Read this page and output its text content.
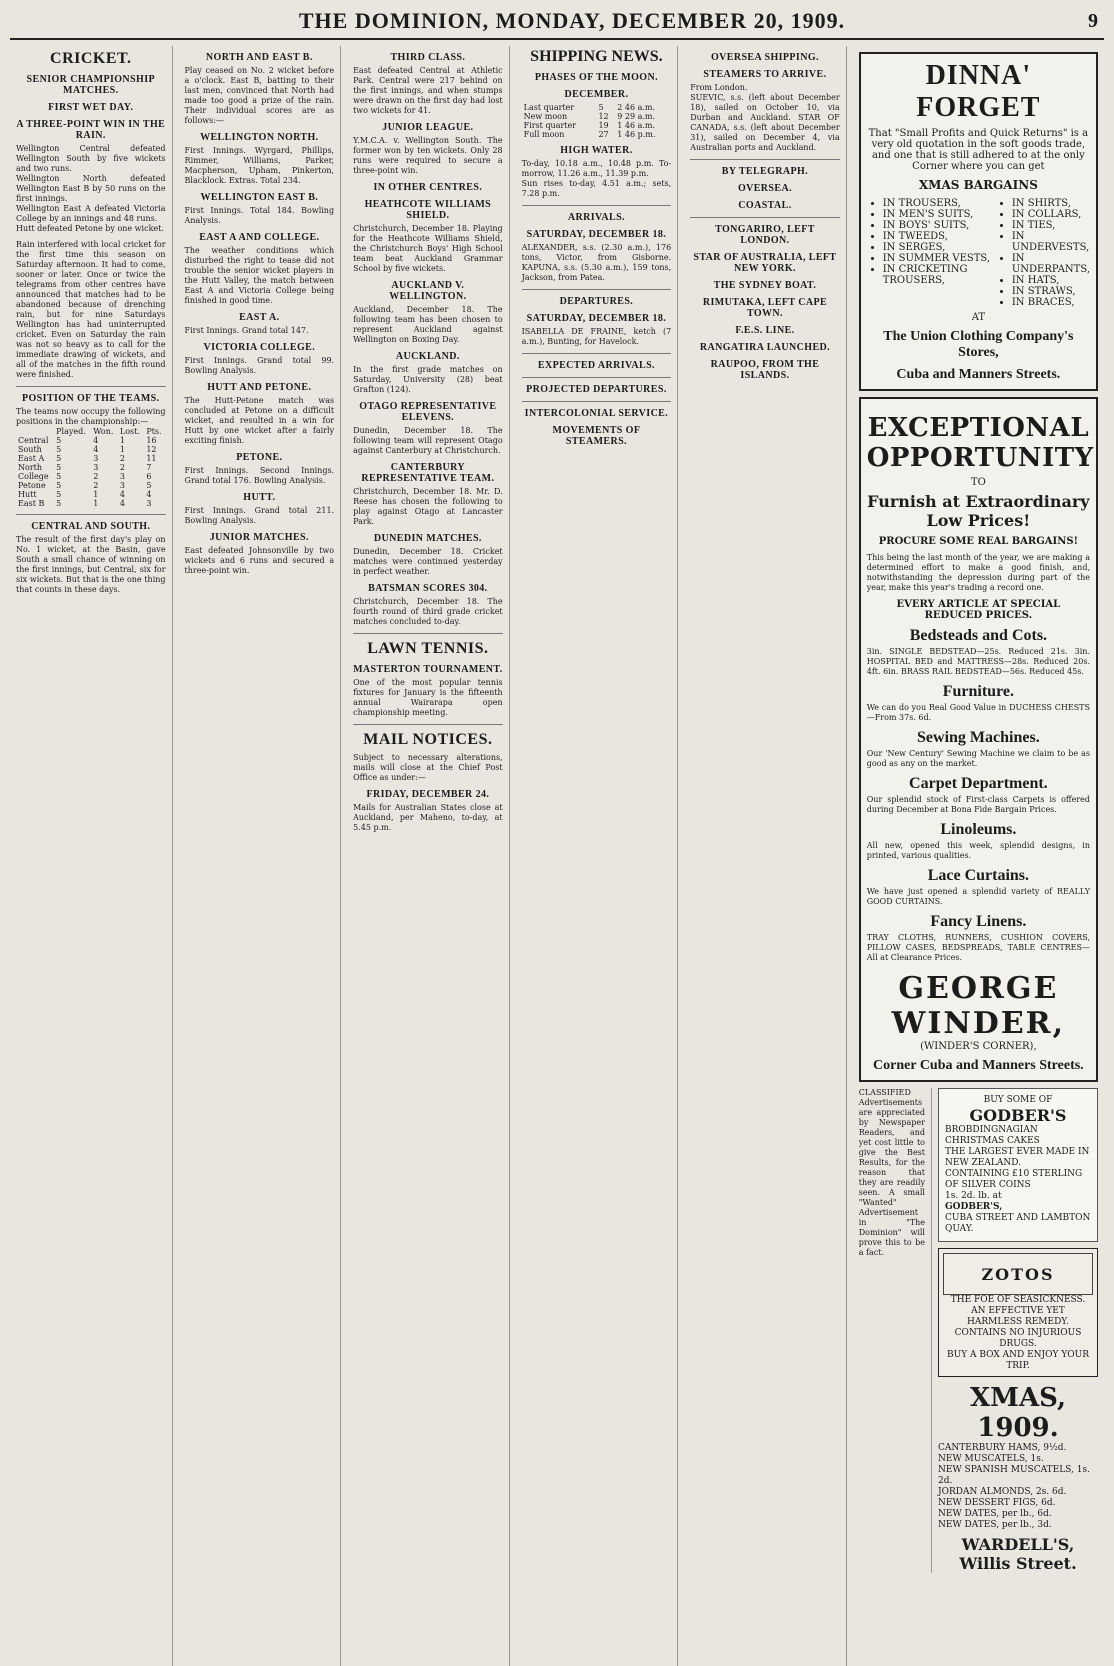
THE DOMINION, MONDAY, DECEMBER 20, 1909.	9
CRICKET.
SENIOR CHAMPIONSHIP MATCHES.
FIRST WET DAY.
A THREE-POINT WIN IN THE RAIN.
Wellington Central defeated Wellington South by five wickets and two runs.
Wellington North defeated Wellington East B by 50 runs on the first innings.
Wellington East A defeated Victoria College by an innings and 48 runs.
Hutt defeated Petone by one wicket.
Rain interfered with local cricket for the first time this season on Saturday afternoon. It had to come, sooner or later. Once or twice the telegrams from other centres have announced that matches had to be abandoned because of drenching rain, but for nine Saturdays Wellington has had uninterrupted cricket. Even on Saturday the rain was not so heavy as to call for the immediate drawing of wickets, and all of the matches in the fifth round were finished.
POSITION OF THE TEAMS.
The teams now occupy the following positions in the championship:—
	Played.	Won.	Lost.	Pts.
Central	5	4	1	16
South	5	4	1	12
East A	5	3	2	11
North	5	3	2	7
College	5	2	3	6
Petone	5	2	3	5
Hutt	5	1	4	4
East B	5	1	4	3
CENTRAL AND SOUTH.
The result of the first day's play on No. 1 wicket, at the Basin, gave South a small chance of winning on the first innings, but Central, six for six wickets. But that is the one thing that counts in these days.
NORTH AND EAST B.
Play ceased on No. 2 wicket before a o'clock. East B, batting to their last men, convinced that North had made too good a prize of the rain. Their individual scores are as follows:—
WELLINGTON NORTH.
First Innings. Wyrgard, Phillips, Rimmer, Williams, Parker, Macpherson, Upham, Pinkerton, Blacklock. Extras. Total 234.
WELLINGTON EAST B.
First Innings. Total 184. Bowling Analysis.
EAST A AND COLLEGE.
The weather conditions which disturbed the right to tease did not trouble the senior wicket players in the Hutt Valley, the match between East A and Victoria College being finished in good time.
EAST A.
First Innings. Grand total 147.
VICTORIA COLLEGE.
First Innings. Grand total 99. Bowling Analysis.
HUTT AND PETONE.
The Hutt-Petone match was concluded at Petone on a difficult wicket, and resulted in a win for Hutt by one wicket after a fairly exciting finish.
PETONE.
First Innings. Second Innings. Grand total 176. Bowling Analysis.
HUTT.
First Innings. Grand total 211. Bowling Analysis.
JUNIOR MATCHES.
East defeated Johnsonville by two wickets and 6 runs and secured a three-point win.
THIRD CLASS.
East defeated Central at Athletic Park. Central were 217 behind on the first innings, and when stumps were drawn on the first day had lost two wickets for 41.
JUNIOR LEAGUE.
Y.M.C.A. v. Wellington South. The former won by ten wickets. Only 28 runs were required to secure a three-point win.
IN OTHER CENTRES.
HEATHCOTE WILLIAMS SHIELD.
Christchurch, December 18. Playing for the Heathcote Williams Shield, the Christchurch Boys' High School team beat Auckland Grammar School by five wickets.
AUCKLAND V. WELLINGTON.
Auckland, December 18. The following team has been chosen to represent Auckland against Wellington on Boxing Day.
AUCKLAND.
In the first grade matches on Saturday, University (28) beat Grafton (124).
OTAGO REPRESENTATIVE ELEVENS.
Dunedin, December 18. The following team will represent Otago against Canterbury at Christchurch.
CANTERBURY REPRESENTATIVE TEAM.
Christchurch, December 18. Mr. D. Reese has chosen the following to play against Otago at Lancaster Park.
DUNEDIN MATCHES.
Dunedin, December 18. Cricket matches were continued yesterday in perfect weather.
BATSMAN SCORES 304.
Christchurch, December 18. The fourth round of third grade cricket matches concluded to-day.
LAWN TENNIS.
MASTERTON TOURNAMENT.
One of the most popular tennis fixtures for January is the fifteenth annual Wairarapa open championship meeting.
MAIL NOTICES.
Subject to necessary alterations, mails will close at the Chief Post Office as under:—
FRIDAY, DECEMBER 24.
Mails for Australian States close at Auckland, per Maheno, to-day, at 5.45 p.m.
SHIPPING NEWS.
PHASES OF THE MOON.
DECEMBER.
Last quarter	5	2 46 a.m.
New moon	12	9 29 a.m.
First quarter	19	1 46 a.m.
Full moon	27	1 46 p.m.
HIGH WATER.
To-day, 10.18 a.m., 10.48 p.m. To-morrow, 11.26 a.m., 11.39 p.m.
Sun rises to-day, 4.51 a.m.; sets, 7.28 p.m.
ARRIVALS.
SATURDAY, DECEMBER 18.
ALEXANDER, s.s. (2.30 a.m.), 176 tons, Victor, from Gisborne. KAPUNA, s.s. (5.30 a.m.), 159 tons, Jackson, from Patea.
DEPARTURES.
SATURDAY, DECEMBER 18.
ISABELLA DE FRAINE, ketch (7 a.m.), Bunting, for Havelock.
EXPECTED ARRIVALS.
PROJECTED DEPARTURES.
INTERCOLONIAL SERVICE.
MOVEMENTS OF STEAMERS.
OVERSEA SHIPPING.
STEAMERS TO ARRIVE.
From London.
SUEVIC, s.s. (left about December 18), sailed on October 10, via Durban and Auckland. STAR OF CANADA, s.s. (left about December 31), sailed on December 4, via Australian ports and Auckland.
BY TELEGRAPH.
OVERSEA.
COASTAL.
TONGARIRO, LEFT LONDON.
STAR OF AUSTRALIA, LEFT NEW YORK.
THE SYDNEY BOAT.
RIMUTAKA, LEFT CAPE TOWN.
F.E.S. LINE.
RANGATIRA LAUNCHED.
RAUPOO, FROM THE ISLANDS.
DINNA' FORGET
That "Small Profits and Quick Returns" is a very old quotation in the soft goods trade, and one that is still adhered to at the only Corner where you can get
XMAS BARGAINS
• IN TROUSERS,
• IN MEN'S SUITS,
• IN BOYS' SUITS,
• IN TWEEDS,
• IN SERGES,
• IN SUMMER VESTS,
• IN CRICKETING TROUSERS,
• IN SHIRTS,
• IN COLLARS,
• IN TIES,
• IN UNDERVESTS,
• IN UNDERPANTS,
• IN HATS,
• IN STRAWS,
• IN BRACES,
AT
The Union Clothing Company's Stores,
Cuba and Manners Streets.
EXCEPTIONAL OPPORTUNITY
TO
Furnish at Extraordinary Low Prices!
PROCURE SOME REAL BARGAINS!
This being the last month of the year, we are making a determined effort to make a good finish, and, notwithstanding the depression during part of the year, make this year's trading a record one.
EVERY ARTICLE AT SPECIAL REDUCED PRICES.
Bedsteads and Cots.
3in. SINGLE BEDSTEAD—25s. Reduced 21s. 3in. HOSPITAL BED and MATTRESS—28s. Reduced 20s. 4ft. 6in. BRASS RAIL BEDSTEAD—56s. Reduced 45s.
Furniture.
We can do you Real Good Value in DUCHESS CHESTS—From 37s. 6d.
Sewing Machines.
Our 'New Century' Sewing Machine we claim to be as good as any on the market.
Carpet Department.
Our splendid stock of First-class Carpets is offered during December at Bona Fide Bargain Prices.
Linoleums.
All new, opened this week, splendid designs, in printed, various qualities.
Lace Curtains.
We have just opened a splendid variety of REALLY GOOD CURTAINS.
Fancy Linens.
TRAY CLOTHS, RUNNERS, CUSHION COVERS, PILLOW CASES, BEDSPREADS, TABLE CENTRES—All at Clearance Prices.
GEORGE WINDER,
(WINDER'S CORNER),
Corner Cuba and Manners Streets.
CLASSIFIED Advertisements are appreciated by Newspaper Readers, and yet cost little to give the Best Results, for the reason that they are readily seen. A small "Wanted" Advertisement in "The Dominion" will prove this to be a fact.
BUY SOME OF
GODBER'S
BROBDINGNAGIAN
CHRISTMAS CAKES
THE LARGEST EVER MADE IN NEW ZEALAND.
CONTAINING £10 STERLING OF SILVER COINS
1s. 2d. lb. at
GODBER'S,
CUBA STREET AND LAMBTON QUAY.
ZOTOS
THE FOE OF SEASICKNESS.
AN EFFECTIVE YET HARMLESS REMEDY.
CONTAINS NO INJURIOUS DRUGS.
BUY A BOX AND ENJOY YOUR TRIP.
XMAS, 1909.
CANTERBURY HAMS, 9½d.
NEW MUSCATELS, 1s.
NEW SPANISH MUSCATELS, 1s. 2d.
JORDAN ALMONDS, 2s. 6d.
NEW DESSERT FIGS, 6d.
NEW DATES, per lb., 6d.
NEW DATES, per lb., 3d.
WARDELL'S, Willis Street.
